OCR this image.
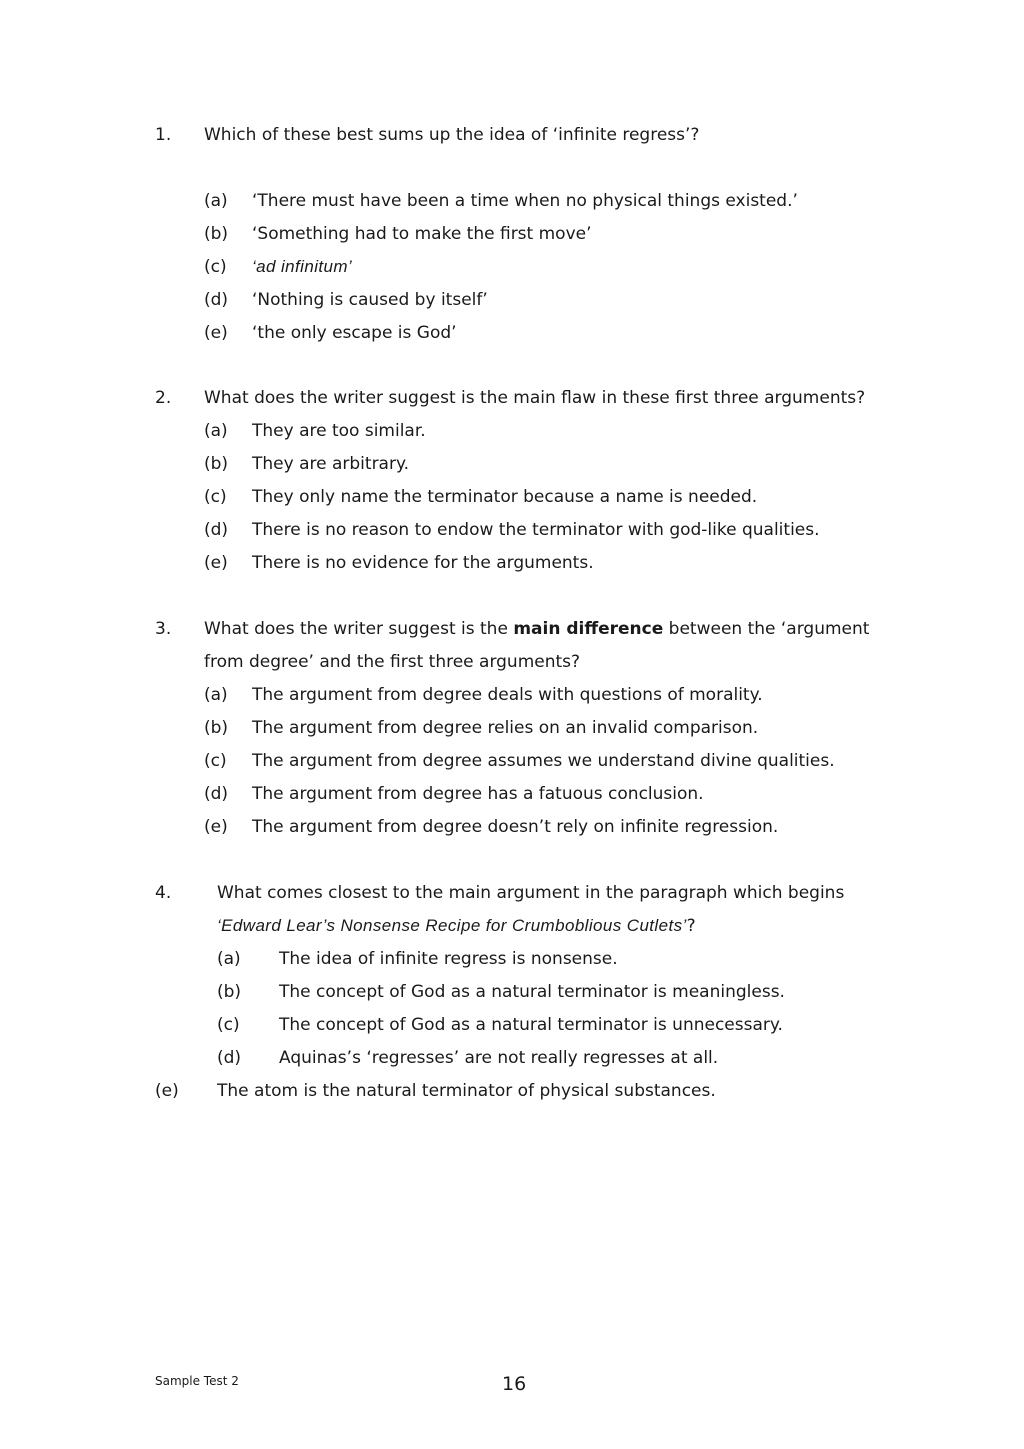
1. Which of these best sums up the idea of ‘infinite regress’?
(a) ‘There must have been a time when no physical things existed.’
(b) ‘Something had to make the first move’
(c) ‘ad infinitum’
(d) ‘Nothing is caused by itself’
(e) ‘the only escape is God’
2. What does the writer suggest is the main flaw in these first three arguments?
(a) They are too similar.
(b) They are arbitrary.
(c) They only name the terminator because a name is needed.
(d) There is no reason to endow the terminator with god-like qualities.
(e) There is no evidence for the arguments.
3. What does the writer suggest is the main difference between the ‘argument
from degree’ and the first three arguments?
(a) The argument from degree deals with questions of morality.
(b) The argument from degree relies on an invalid comparison.
(c) The argument from degree assumes we understand divine qualities.
(d) The argument from degree has a fatuous conclusion.
(e) The argument from degree doesn’t rely on infinite regression.
4.	What comes closest to the main argument in the paragraph which begins
‘Edward Lear’s Nonsense Recipe for Crumboblious Cutlets’?
(a) The idea of infinite regress is nonsense.
(b) The concept of God as a natural terminator is meaningless.
(c) The concept of God as a natural terminator is unnecessary.
(d) Aquinas’s ‘regresses’ are not really regresses at all.
(e) The atom is the natural terminator of physical substances.
Sample Test 2	16
